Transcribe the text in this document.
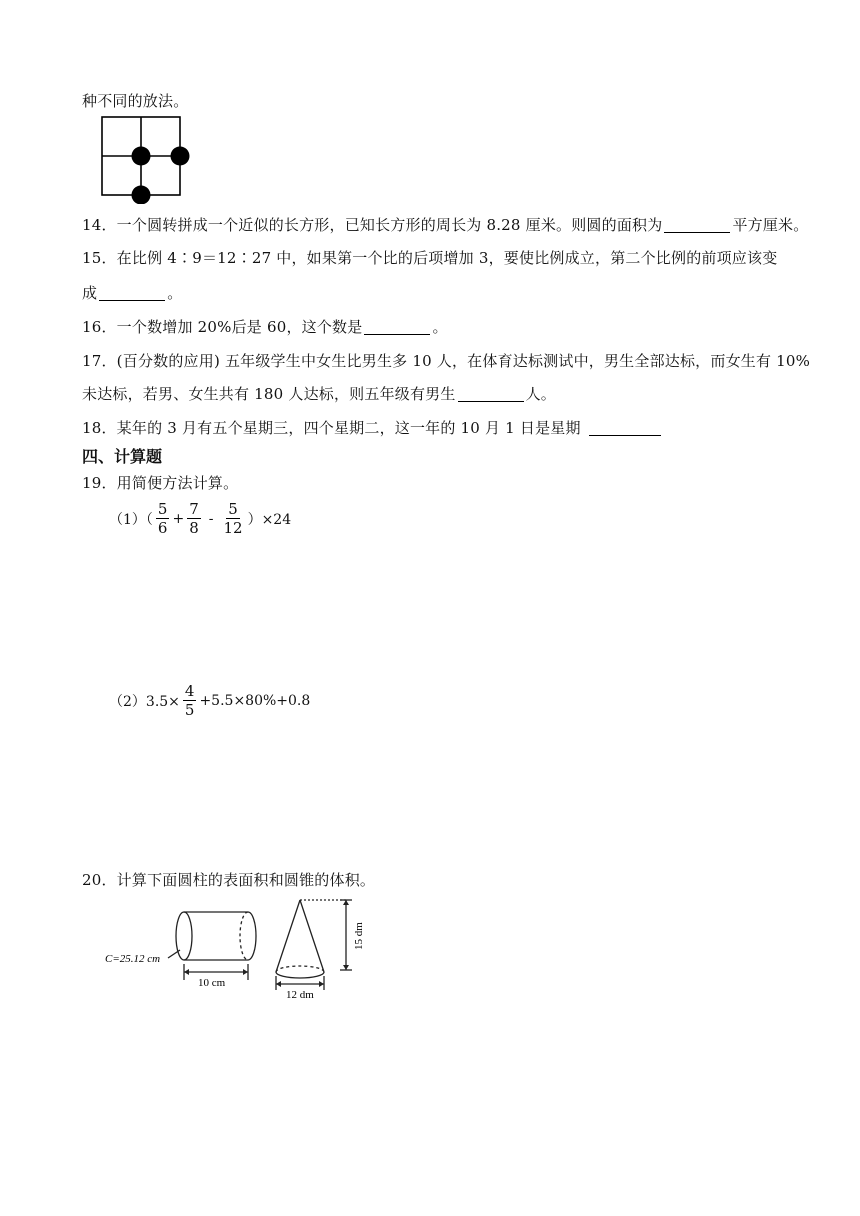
种不同的放法。
14．一个圆转拼成一个近似的长方形，已知长方形的周长为 8.28 厘米。则圆的面积为	平方厘米。
15．在比例 4∶9＝12∶27 中，如果第一个比的后项增加 3，要使比例成立，第二个比例的前项应该变
成	。
16．一个数增加 20%后是 60，这个数是	。
17．(百分数的应用) 五年级学生中女生比男生多 10 人，在体育达标测试中，男生全部达标，而女生有 10%
未达标，若男、女生共有 180 人达标，则五年级有男生	人。
18．某年的 3 月有五个星期三，四个星期二，这一年的 10 月 1 日是星期
四、计算题
19．用简便方法计算。
$(1)( \frac{5}{6} + \frac{7}{8} - \frac{5}{12} )\times 24$
$(2)3.5\times \frac{4}{5} +5.5\times 80\%+0.8$
20．计算下面圆柱的表面积和圆锥的体积。
C=25.12 cm
10 cm
12 dm
15 dm
